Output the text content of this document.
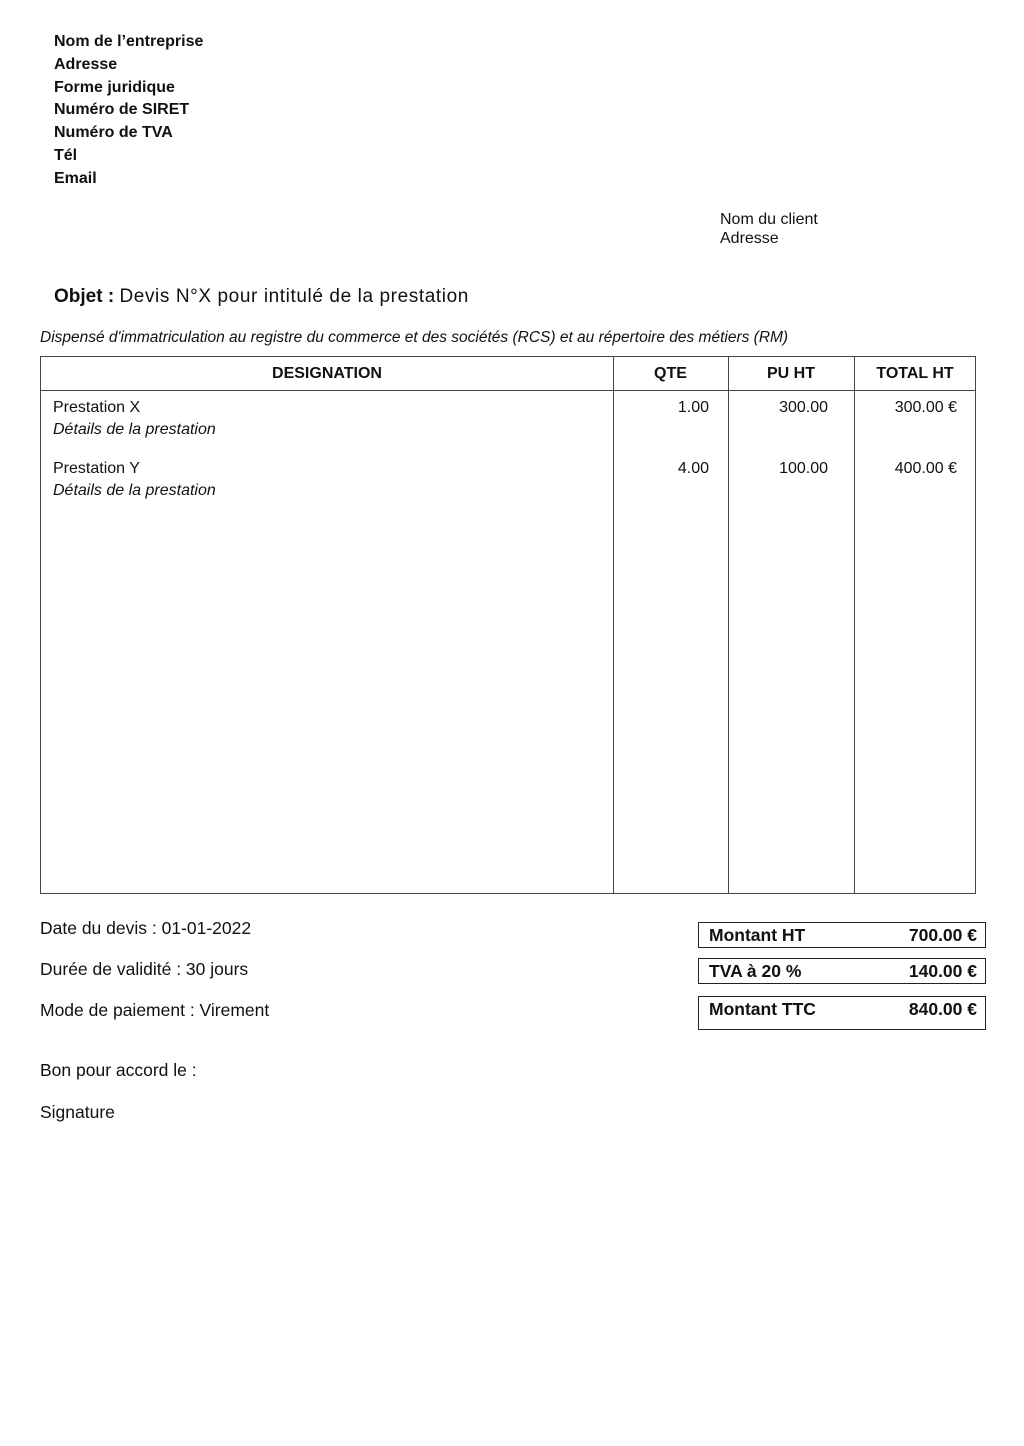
Nom de l’entreprise
Adresse
Forme juridique
Numéro de SIRET
Numéro de TVA
Tél
Email
Nom du client
Adresse
Objet : Devis N°X pour intitulé de la prestation
Dispensé d'immatriculation au registre du commerce et des sociétés (RCS) et au répertoire des métiers (RM)
DESIGNATION	QTE	PU HT	TOTAL HT
Prestation X
Détails de la prestation
1.00	300.00	300.00 €
Prestation Y
Détails de la prestation
4.00	100.00	400.00 €
Date du devis : 01-01-2022
Durée de validité : 30 jours
Mode de paiement : Virement
Bon pour accord le :
Signature
Montant HT	700.00 €
TVA à 20 %	140.00 €
Montant TTC	840.00 €
